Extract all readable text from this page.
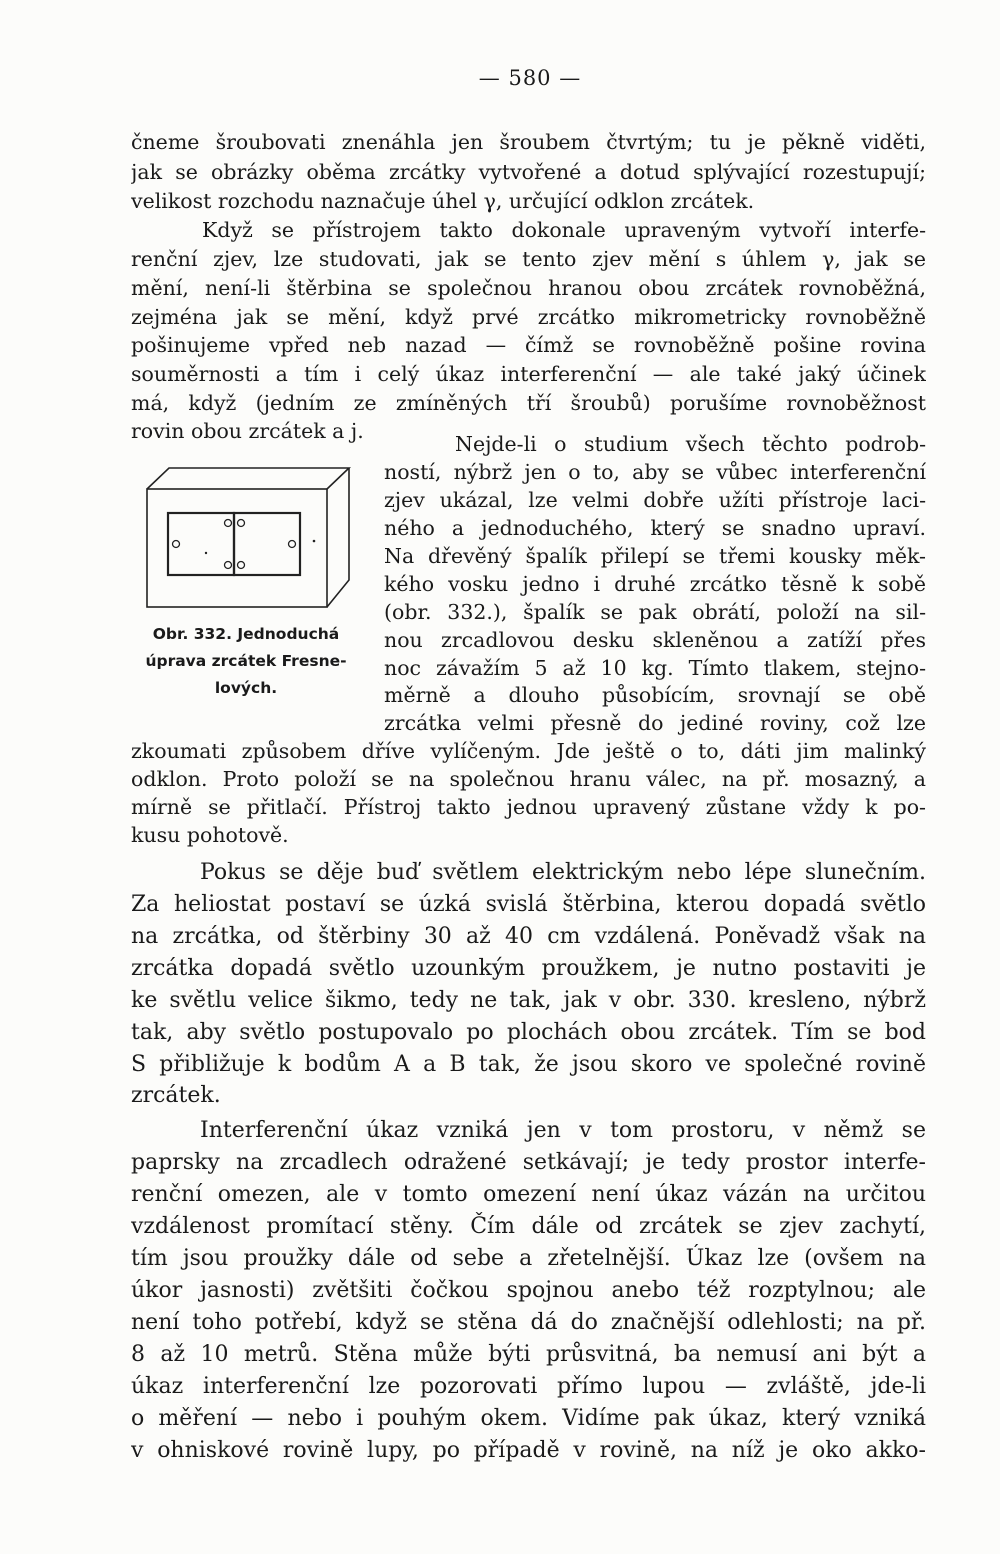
— 580 —
čneme šroubovati znenáhla jen šroubem čtvrtým; tu je pěkně viděti,
jak se obrázky oběma zrcátky vytvořené a dotud splývající rozestupují;
velikost rozchodu naznačuje úhel γ, určující odklon zrcátek.
Když se přístrojem takto dokonale upraveným vytvoří interfe-
renční zjev, lze studovati, jak se tento zjev mění s úhlem γ, jak se
mění, není-li štěrbina se společnou hranou obou zrcátek rovnoběžná,
zejména jak se mění, když prvé zrcátko mikrometricky rovnoběžně
pošinujeme vpřed neb nazad — čímž se rovnoběžně pošine rovina
souměrnosti a tím i celý úkaz interferenční — ale také jaký účinek
má, když (jedním ze zmíněných tří šroubů) porušíme rovnoběžnost
rovin obou zrcátek a j.
Obr. 332. Jednoduchá
úprava zrcátek Fresne-
lových.
Nejde-li o studium všech těchto podrob-
ností, nýbrž jen o to, aby se vůbec interferenční
zjev ukázal, lze velmi dobře užíti přístroje laci-
ného a jednoduchého, který se snadno upraví.
Na dřevěný špalík přilepí se třemi kousky měk-
kého vosku jedno i druhé zrcátko těsně k sobě
(obr. 332.), špalík se pak obrátí, položí na sil-
nou zrcadlovou desku skleněnou a zatíží přes
noc závažím 5 až 10 kg. Tímto tlakem, stejno-
měrně a dlouho působícím, srovnají se obě
zrcátka velmi přesně do jediné roviny, což lze
zkoumati způsobem dříve vylíčeným. Jde ještě o to, dáti jim malinký
odklon. Proto položí se na společnou hranu válec, na př. mosazný, a
mírně se přitlačí. Přístroj takto jednou upravený zůstane vždy k po-
kusu pohotově.
Pokus se děje buď světlem elektrickým nebo lépe slunečním.
Za heliostat postaví se úzká svislá štěrbina, kterou dopadá světlo
na zrcátka, od štěrbiny 30 až 40 cm vzdálená. Poněvadž však na
zrcátka dopadá světlo uzounkým proužkem, je nutno postaviti je
ke světlu velice šikmo, tedy ne tak, jak v obr. 330. kresleno, nýbrž
tak, aby světlo postupovalo po plochách obou zrcátek. Tím se bod
S přibližuje k bodům A a B tak, že jsou skoro ve společné rovině
zrcátek.
Interferenční úkaz vzniká jen v tom prostoru, v němž se
paprsky na zrcadlech odražené setkávají; je tedy prostor interfe-
renční omezen, ale v tomto omezení není úkaz vázán na určitou
vzdálenost promítací stěny. Čím dále od zrcátek se zjev zachytí,
tím jsou proužky dále od sebe a zřetelnější. Úkaz lze (ovšem na
úkor jasnosti) zvětšiti čočkou spojnou anebo též rozptylnou; ale
není toho potřebí, když se stěna dá do značnější odlehlosti; na př.
8 až 10 metrů. Stěna může býti průsvitná, ba nemusí ani být a
úkaz interferenční lze pozorovati přímo lupou — zvláště, jde-li
o měření — nebo i pouhým okem. Vidíme pak úkaz, který vzniká
v ohniskové rovině lupy, po případě v rovině, na níž je oko akko-
